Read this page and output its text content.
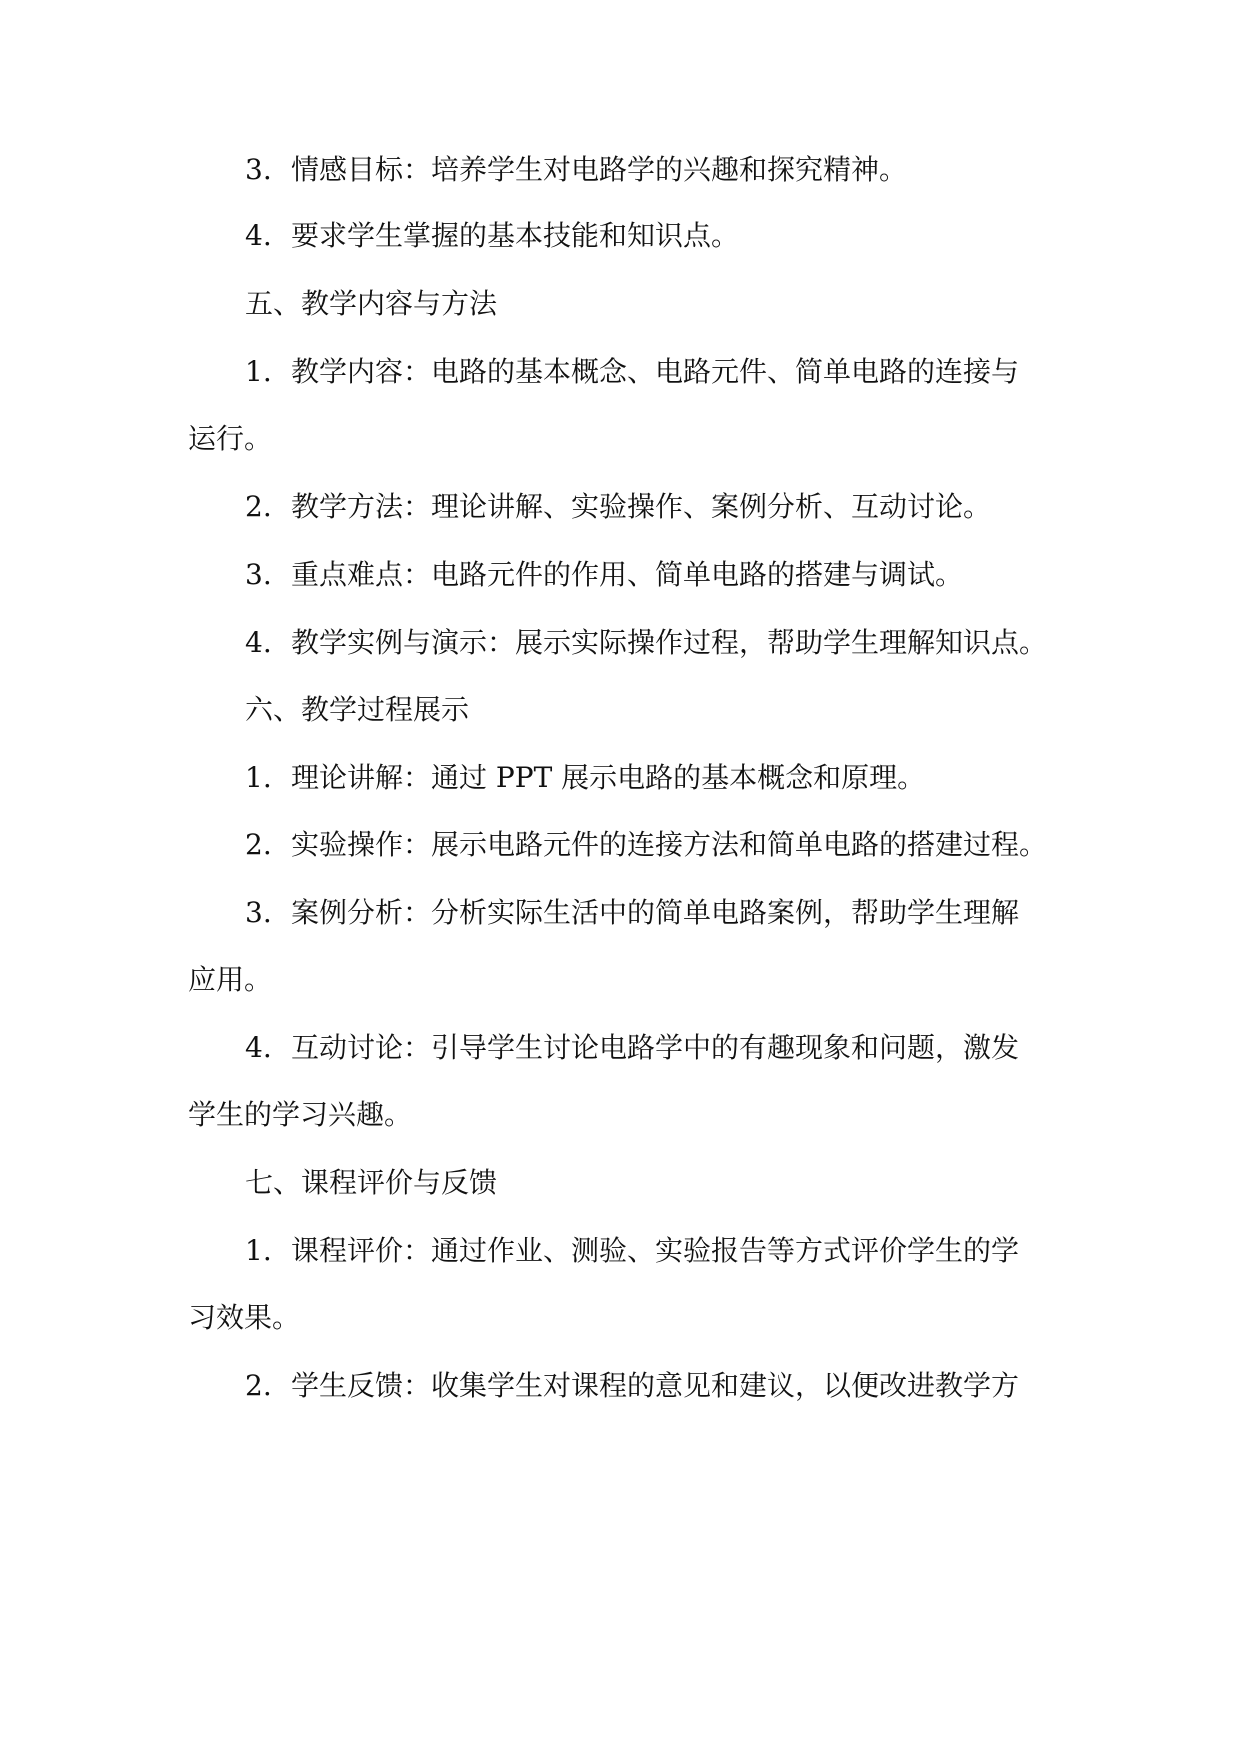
3. 情感目标：培养学生对电路学的兴趣和探究精神。
4. 要求学生掌握的基本技能和知识点。
五、教学内容与方法
1. 教学内容：电路的基本概念、电路元件、简单电路的连接与
运行。
2. 教学方法：理论讲解、实验操作、案例分析、互动讨论。
3. 重点难点：电路元件的作用、简单电路的搭建与调试。
4. 教学实例与演示：展示实际操作过程，帮助学生理解知识点。
六、教学过程展示
1. 理论讲解：通过 PPT 展示电路的基本概念和原理。
2. 实验操作：展示电路元件的连接方法和简单电路的搭建过程。
3. 案例分析：分析实际生活中的简单电路案例，帮助学生理解
应用。
4. 互动讨论：引导学生讨论电路学中的有趣现象和问题，激发
学生的学习兴趣。
七、课程评价与反馈
1. 课程评价：通过作业、测验、实验报告等方式评价学生的学
习效果。
2. 学生反馈：收集学生对课程的意见和建议，以便改进教学方
